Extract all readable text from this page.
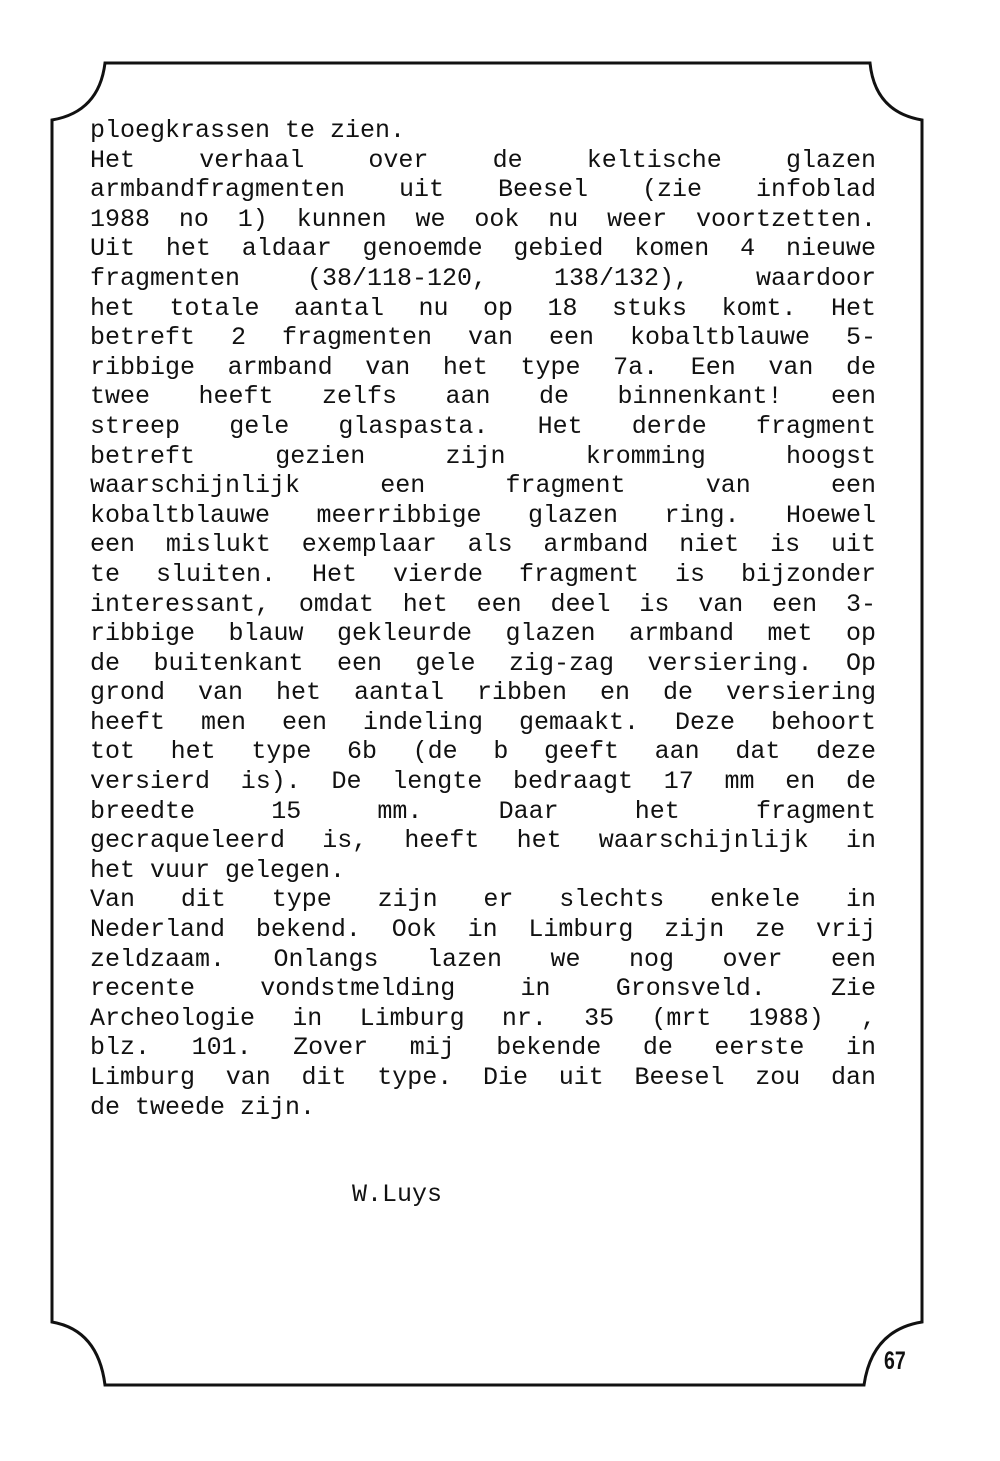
ploegkrassen te zien.
Het verhaal over de keltische glazen
armbandfragmenten uit Beesel (zie infoblad
1988 no 1) kunnen we ook nu weer voortzetten.
Uit het aldaar genoemde gebied komen 4 nieuwe
fragmenten (38/118-120, 138/132), waardoor
het totale aantal nu op 18 stuks komt. Het
betreft 2 fragmenten van een kobaltblauwe 5-
ribbige armband van het type 7a. Een van de
twee heeft zelfs aan de binnenkant! een
streep gele glaspasta. Het derde fragment
betreft gezien zijn kromming hoogst
waarschijnlijk een fragment van een
kobaltblauwe meerribbige glazen ring. Hoewel
een mislukt exemplaar als armband niet is uit
te sluiten. Het vierde fragment is bijzonder
interessant, omdat het een deel is van een 3-
ribbige blauw gekleurde glazen armband met op
de buitenkant een gele zig-zag versiering. Op
grond van het aantal ribben en de versiering
heeft men een indeling gemaakt. Deze behoort
tot het type 6b (de b geeft aan dat deze
versierd is). De lengte bedraagt 17 mm en de
breedte 15 mm. Daar het fragment
gecraqueleerd is, heeft het waarschijnlijk in
het vuur gelegen.
Van dit type zijn er slechts enkele in
Nederland bekend. Ook in Limburg zijn ze vrij
zeldzaam. Onlangs lazen we nog over een
recente vondstmelding in Gronsveld. Zie
Archeologie in Limburg nr. 35 (mrt 1988) ,
blz. 101. Zover mij bekende de eerste in
Limburg van dit type. Die uit Beesel zou dan
de tweede zijn.
W.Luys
67
